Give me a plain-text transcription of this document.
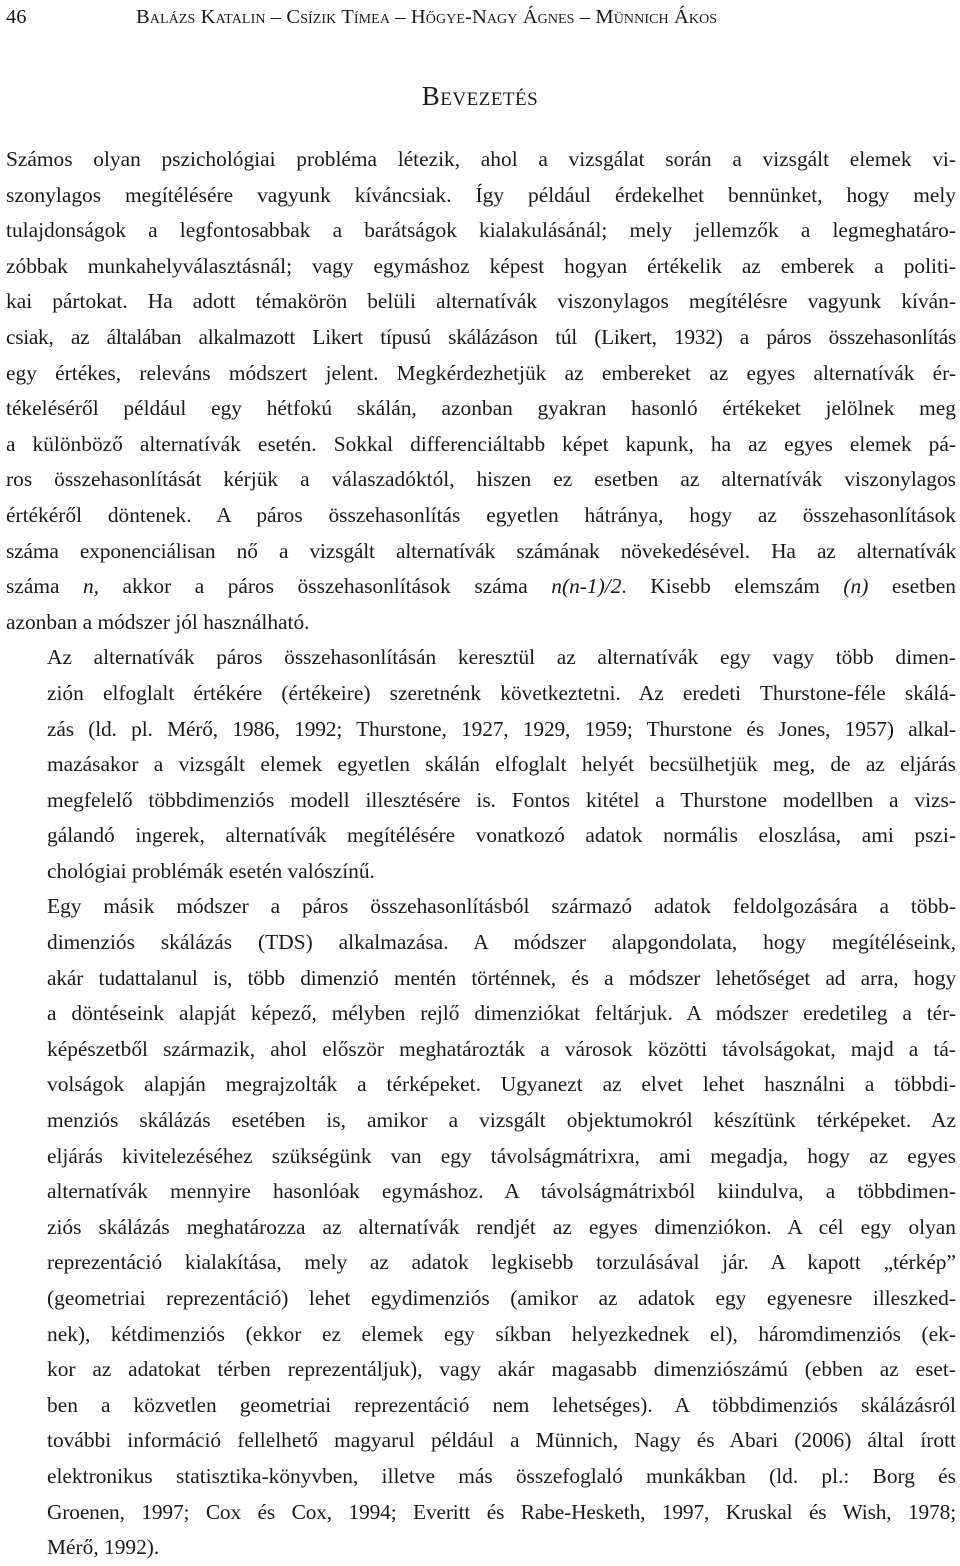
46	Balázs Katalin – Csízik Tímea – Hőgye-Nagy Ágnes – Münnich Ákos
Bevezetés

Számos olyan pszichológiai probléma létezik, ahol a vizsgálat során a vizsgált elemek vi-
szonylagos megítélésére vagyunk kíváncsiak. Így például érdekelhet bennünket, hogy mely
tulajdonságok a legfontosabbak a barátságok kialakulásánál; mely jellemzők a legmeghatáro-
zóbbak munkahelyválasztásnál; vagy egymáshoz képest hogyan értékelik az emberek a politi-
kai pártokat. Ha adott témakörön belüli alternatívák viszonylagos megítélésre vagyunk kíván-
csiak, az általában alkalmazott Likert típusú skálázáson túl (Likert, 1932) a páros összehasonlítás
egy értékes, releváns módszert jelent. Megkérdezhetjük az embereket az egyes alternatívák ér-
tékeléséről például egy hétfokú skálán, azonban gyakran hasonló értékeket jelölnek meg
a különböző alternatívák esetén. Sokkal differenciáltabb képet kapunk, ha az egyes elemek pá-
ros összehasonlítását kérjük a válaszadóktól, hiszen ez esetben az alternatívák viszonylagos
értékéről döntenek. A páros összehasonlítás egyetlen hátránya, hogy az összehasonlítások
száma exponenciálisan nő a vizsgált alternatívák számának növekedésével. Ha az alternatívák
száma n, akkor a páros összehasonlítások száma n(n-1)/2. Kisebb elemszám (n) esetben
azonban a módszer jól használható.

Az alternatívák páros összehasonlításán keresztül az alternatívák egy vagy több dimen-
zión elfoglalt értékére (értékeire) szeretnénk következtetni. Az eredeti Thurstone-féle skálá-
zás (ld. pl. Mérő, 1986, 1992; Thurstone, 1927, 1929, 1959; Thurstone és Jones, 1957) alkal-
mazásakor a vizsgált elemek egyetlen skálán elfoglalt helyét becsülhetjük meg, de az eljárás
megfelelő többdimenziós modell illesztésére is. Fontos kitétel a Thurstone modellben a vizs-
gálandó ingerek, alternatívák megítélésére vonatkozó adatok normális eloszlása, ami pszi-
chológiai problémák esetén valószínű.

Egy másik módszer a páros összehasonlításból származó adatok feldolgozására a több-
dimenziós skálázás (TDS) alkalmazása. A módszer alapgondolata, hogy megítéléseink,
akár tudattalanul is, több dimenzió mentén történnek, és a módszer lehetőséget ad arra, hogy
a döntéseink alapját képező, mélyben rejlő dimenziókat feltárjuk. A módszer eredetileg a tér-
képészetből származik, ahol először meghatározták a városok közötti távolságokat, majd a tá-
volságok alapján megrajzolták a térképeket. Ugyanezt az elvet lehet használni a többdi-
menziós skálázás esetében is, amikor a vizsgált objektumokról készítünk térképeket. Az
eljárás kivitelezéséhez szükségünk van egy távolságmátrixra, ami megadja, hogy az egyes
alternatívák mennyire hasonlóak egymáshoz. A távolságmátrixból kiindulva, a többdimen-
ziós skálázás meghatározza az alternatívák rendjét az egyes dimenziókon. A cél egy olyan
reprezentáció kialakítása, mely az adatok legkisebb torzulásával jár. A kapott „térkép”
(geometriai reprezentáció) lehet egydimenziós (amikor az adatok egy egyenesre illeszked-
nek), kétdimenziós (ekkor ez elemek egy síkban helyezkednek el), háromdimenziós (ek-
kor az adatokat térben reprezentáljuk), vagy akár magasabb dimenziószámú (ebben az eset-
ben a közvetlen geometriai reprezentáció nem lehetséges). A többdimenziós skálázásról
további információ fellelhető magyarul például a Münnich, Nagy és Abari (2006) által írott
elektronikus statisztika-könyvben, illetve más összefoglaló munkákban (ld. pl.: Borg és
Groenen, 1997; Cox és Cox, 1994; Everitt és Rabe-Hesketh, 1997, Kruskal és Wish, 1978;
Mérő, 1992).
